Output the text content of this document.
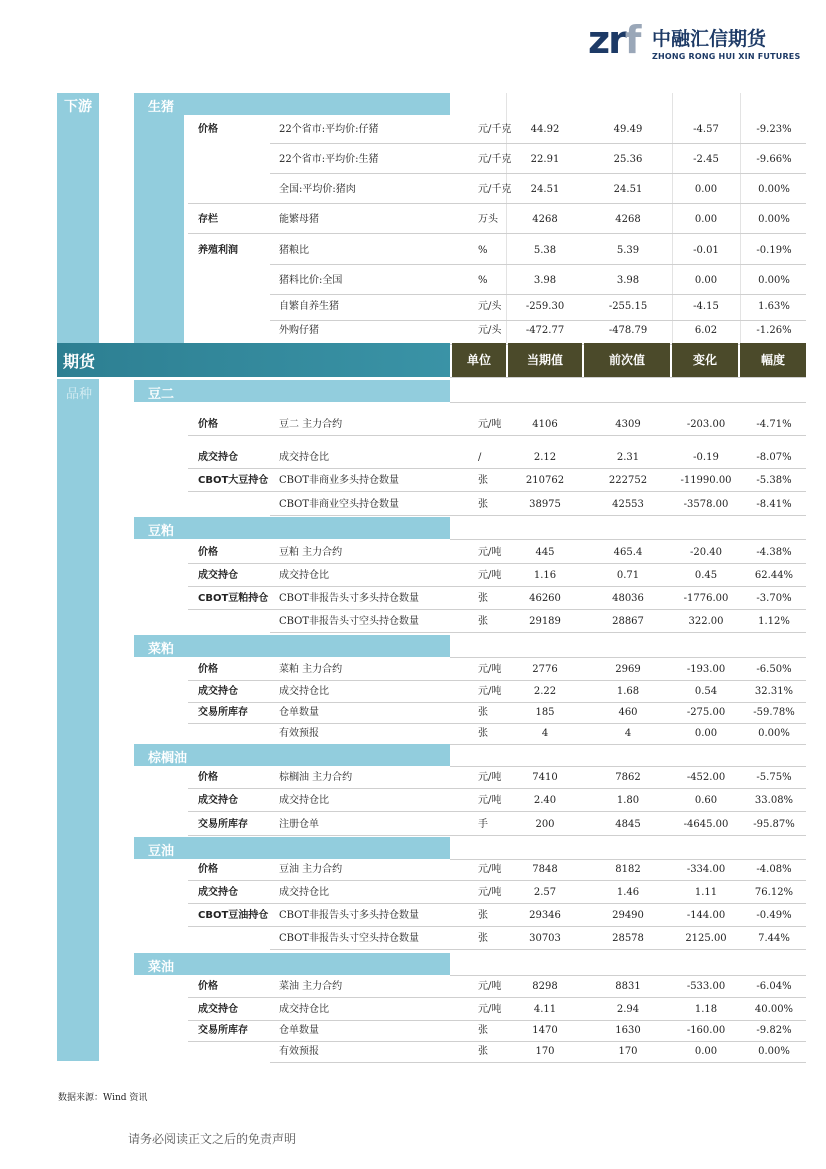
zrf 中融汇信期货
ZHONG RONG HUI XIN FUTURES
下游	生猪
价格	22个省市:平均价:仔猪	元/千克	44.92	49.49	-4.57	-9.23%
22个省市:平均价:生猪	元/千克	22.91	25.36	-2.45	-9.66%
全国:平均价:猪肉	元/千克	24.51	24.51	0.00	0.00%
存栏	能繁母猪	万头	4268	4268	0.00	0.00%
养殖利润	猪粮比	%	5.38	5.39	-0.01	-0.19%
猪料比价:全国	%	3.98	3.98	0.00	0.00%
自繁自养生猪	元/头	-259.30	-255.15	-4.15	1.63%
外购仔猪	元/头	-472.77	-478.79	6.02	-1.26%
期货	单位	当期值	前次值	变化	幅度
品种	豆二
价格	豆二 主力合约	元/吨	4106	4309	-203.00	-4.71%
成交持仓	成交持仓比	/	2.12	2.31	-0.19	-8.07%
CBOT大豆持仓 CBOT非商业多头持仓数量	张	210762	222752	-11990.00	-5.38%
CBOT非商业空头持仓数量	张	38975	42553	-3578.00	-8.41%
豆粕
价格	豆粕 主力合约	元/吨	445	465.4	-20.40	-4.38%
成交持仓	成交持仓比	元/吨	1.16	0.71	0.45	62.44%
CBOT豆粕持仓 CBOT非报告头寸多头持仓数量	张	46260	48036	-1776.00	-3.70%
CBOT非报告头寸空头持仓数量	张	29189	28867	322.00	1.12%
菜粕
价格	菜粕 主力合约	元/吨	2776	2969	-193.00	-6.50%
成交持仓	成交持仓比	元/吨	2.22	1.68	0.54	32.31%
交易所库存	仓单数量	张	185	460	-275.00	-59.78%
有效预报	张	4	4	0.00	0.00%
棕榈油
价格	棕榈油 主力合约	元/吨	7410	7862	-452.00	-5.75%
成交持仓	成交持仓比	元/吨	2.40	1.80	0.60	33.08%
交易所库存	注册仓单	手	200	4845	-4645.00	-95.87%
豆油
价格	豆油 主力合约	元/吨	7848	8182	-334.00	-4.08%
成交持仓	成交持仓比	元/吨	2.57	1.46	1.11	76.12%
CBOT豆油持仓 CBOT非报告头寸多头持仓数量	张	29346	29490	-144.00	-0.49%
CBOT非报告头寸空头持仓数量	张	30703	28578	2125.00	7.44%
菜油
价格	菜油 主力合约	元/吨	8298	8831	-533.00	-6.04%
成交持仓	成交持仓比	元/吨	4.11	2.94	1.18	40.00%
交易所库存	仓单数量	张	1470	1630	-160.00	-9.82%
有效预报	张	170	170	0.00	0.00%
数据来源：Wind 资讯
请务必阅读正文之后的免责声明
